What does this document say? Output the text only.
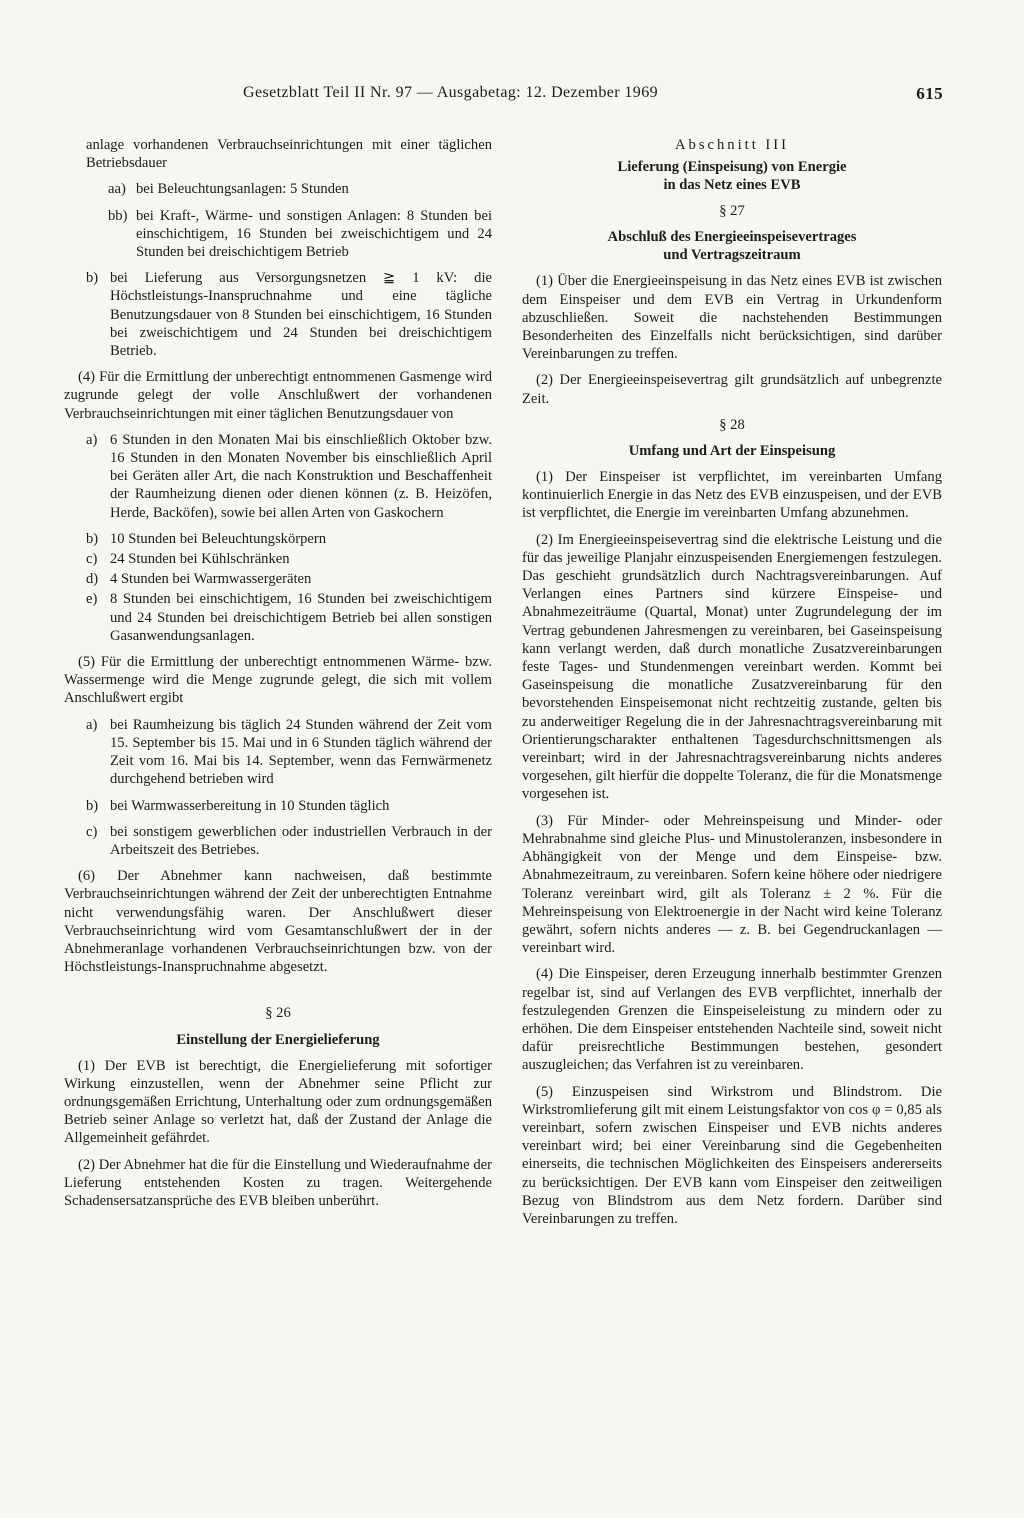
Gesetzblatt Teil II Nr. 97 — Ausgabetag: 12. Dezember 1969	615

anlage vorhandenen Verbrauchseinrichtungen mit einer täglichen Betriebsdauer

aa) bei Beleuchtungsanlagen: 5 Stunden
bb) bei Kraft-, Wärme- und sonstigen Anlagen: 8 Stunden bei einschichtigem, 16 Stunden bei zweischichtigem und 24 Stunden bei dreischichtigem Betrieb
b) bei Lieferung aus Versorgungsnetzen ≧ 1 kV: die Höchstleistungs-Inanspruchnahme und eine tägliche Benutzungsdauer von 8 Stunden bei einschichtigem, 16 Stunden bei zweischichtigem und 24 Stunden bei dreischichtigem Betrieb.

(4) Für die Ermittlung der unberechtigt entnommenen Gasmenge wird zugrunde gelegt der volle Anschlußwert der vorhandenen Verbrauchseinrichtungen mit einer täglichen Benutzungsdauer von

a) 6 Stunden in den Monaten Mai bis einschließlich Oktober bzw. 16 Stunden in den Monaten November bis einschließlich April bei Geräten aller Art, die nach Konstruktion und Beschaffenheit der Raumheizung dienen oder dienen können (z. B. Heizöfen, Herde, Backöfen), sowie bei allen Arten von Gaskochern
b) 10 Stunden bei Beleuchtungskörpern
c) 24 Stunden bei Kühlschränken
d) 4 Stunden bei Warmwassergeräten
e) 8 Stunden bei einschichtigem, 16 Stunden bei zweischichtigem und 24 Stunden bei dreischichtigem Betrieb bei allen sonstigen Gasanwendungsanlagen.

(5) Für die Ermittlung der unberechtigt entnommenen Wärme- bzw. Wassermenge wird die Menge zugrunde gelegt, die sich mit vollem Anschlußwert ergibt

a) bei Raumheizung bis täglich 24 Stunden während der Zeit vom 15. September bis 15. Mai und in 6 Stunden täglich während der Zeit vom 16. Mai bis 14. September, wenn das Fernwärmenetz durchgehend betrieben wird
b) bei Warmwasserbereitung in 10 Stunden täglich
c) bei sonstigem gewerblichen oder industriellen Verbrauch in der Arbeitszeit des Betriebes.

(6) Der Abnehmer kann nachweisen, daß bestimmte Verbrauchseinrichtungen während der Zeit der unberechtigten Entnahme nicht verwendungsfähig waren. Der Anschlußwert dieser Verbrauchseinrichtung wird vom Gesamtanschlußwert der in der Abnehmeranlage vorhandenen Verbrauchseinrichtungen bzw. von der Höchstleistungs-Inanspruchnahme abgesetzt.

§ 26

Einstellung der Energielieferung

(1) Der EVB ist berechtigt, die Energielieferung mit sofortiger Wirkung einzustellen, wenn der Abnehmer seine Pflicht zur ordnungsgemäßen Errichtung, Unterhaltung oder zum ordnungsgemäßen Betrieb seiner Anlage so verletzt hat, daß der Zustand der Anlage die Allgemeinheit gefährdet.

(2) Der Abnehmer hat die für die Einstellung und Wiederaufnahme der Lieferung entstehenden Kosten zu tragen. Weitergehende Schadensersatzansprüche des EVB bleiben unberührt.

Abschnitt III

Lieferung (Einspeisung) von Energie
in das Netz eines EVB

§ 27

Abschluß des Energieeinspeisevertrages
und Vertragszeitraum

(1) Über die Energieeinspeisung in das Netz eines EVB ist zwischen dem Einspeiser und dem EVB ein Vertrag in Urkundenform abzuschließen. Soweit die nachstehenden Bestimmungen Besonderheiten des Einzelfalls nicht berücksichtigen, sind darüber Vereinbarungen zu treffen.

(2) Der Energieeinspeisevertrag gilt grundsätzlich auf unbegrenzte Zeit.

§ 28

Umfang und Art der Einspeisung

(1) Der Einspeiser ist verpflichtet, im vereinbarten Umfang kontinuierlich Energie in das Netz des EVB einzuspeisen, und der EVB ist verpflichtet, die Energie im vereinbarten Umfang abzunehmen.

(2) Im Energieeinspeisevertrag sind die elektrische Leistung und die für das jeweilige Planjahr einzuspeisenden Energiemengen festzulegen. Das geschieht grundsätzlich durch Nachtragsvereinbarungen. Auf Verlangen eines Partners sind kürzere Einspeise- und Abnahmezeiträume (Quartal, Monat) unter Zugrundelegung der im Vertrag gebundenen Jahresmengen zu vereinbaren, bei Gaseinspeisung kann verlangt werden, daß durch monatliche Zusatzvereinbarungen feste Tages- und Stundenmengen vereinbart werden. Kommt bei Gaseinspeisung die monatliche Zusatzvereinbarung für den bevorstehenden Einspeisemonat nicht rechtzeitig zustande, gelten bis zu anderweitiger Regelung die in der Jahresnachtragsvereinbarung mit Orientierungscharakter enthaltenen Tagesdurchschnittsmengen als vereinbart; wird in der Jahresnachtragsvereinbarung nichts anderes vorgesehen, gilt hierfür die doppelte Toleranz, die für die Monatsmenge vorgesehen ist.

(3) Für Minder- oder Mehreinspeisung und Minder- oder Mehrabnahme sind gleiche Plus- und Minustoleranzen, insbesondere in Abhängigkeit von der Menge und dem Einspeise- bzw. Abnahmezeitraum, zu vereinbaren. Sofern keine höhere oder niedrigere Toleranz vereinbart wird, gilt als Toleranz ± 2 %. Für die Mehreinspeisung von Elektroenergie in der Nacht wird keine Toleranz gewährt, sofern nichts anderes — z. B. bei Gegendruckanlagen — vereinbart wird.

(4) Die Einspeiser, deren Erzeugung innerhalb bestimmter Grenzen regelbar ist, sind auf Verlangen des EVB verpflichtet, innerhalb der festzulegenden Grenzen die Einspeiseleistung zu mindern oder zu erhöhen. Die dem Einspeiser entstehenden Nachteile sind, soweit nicht dafür preisrechtliche Bestimmungen bestehen, gesondert auszugleichen; das Verfahren ist zu vereinbaren.

(5) Einzuspeisen sind Wirkstrom und Blindstrom. Die Wirkstromlieferung gilt mit einem Leistungsfaktor von cos φ = 0,85 als vereinbart, sofern zwischen Einspeiser und EVB nichts anderes vereinbart wird; bei einer Vereinbarung sind die Gegebenheiten einerseits, die technischen Möglichkeiten des Einspeisers andererseits zu berücksichtigen. Der EVB kann vom Einspeiser den zeitweiligen Bezug von Blindstrom aus dem Netz fordern. Darüber sind Vereinbarungen zu treffen.
